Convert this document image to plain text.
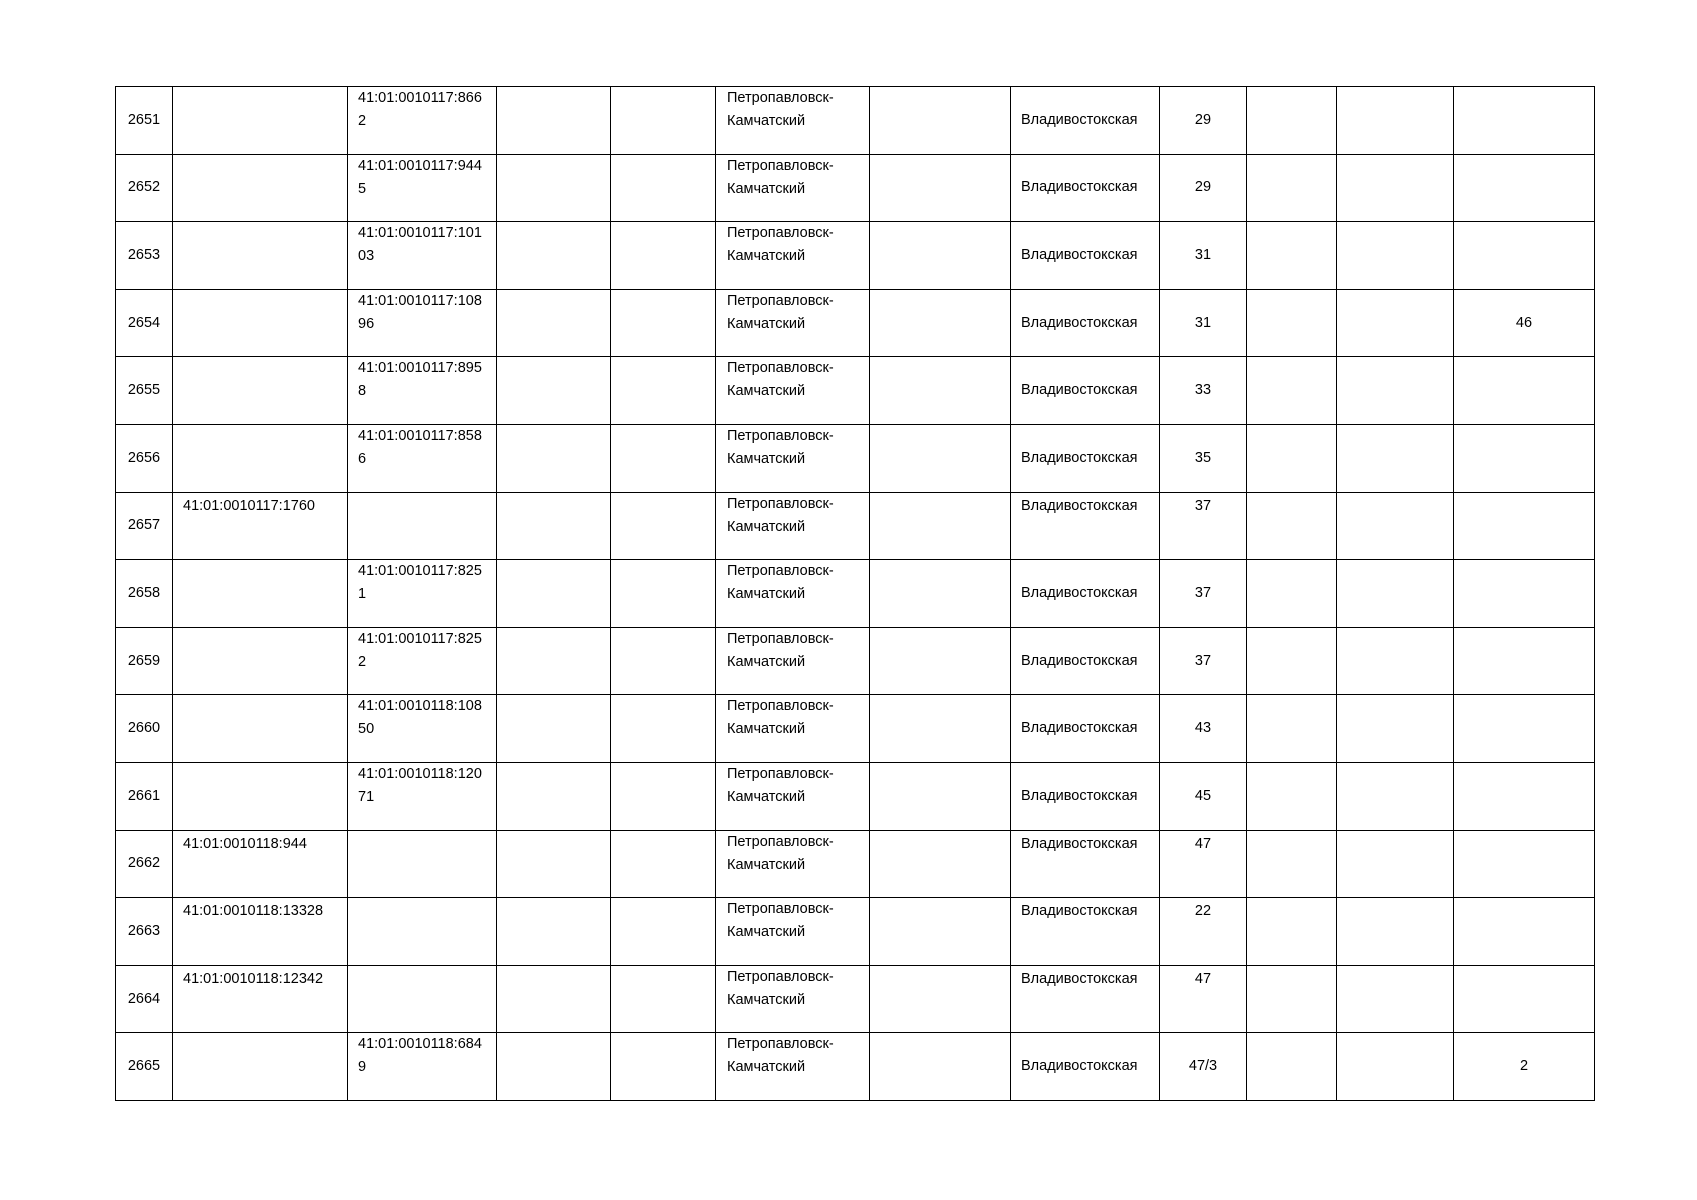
2651		41:01:0010117:8662			Петропавловск-Камчатский		Владивостокская	29			
2652		41:01:0010117:9445			Петропавловск-Камчатский		Владивостокская	29			
2653		41:01:0010117:10103			Петропавловск-Камчатский		Владивостокская	31			
2654		41:01:0010117:10896			Петропавловск-Камчатский		Владивостокская	31			46
2655		41:01:0010117:8958			Петропавловск-Камчатский		Владивостокская	33			
2656		41:01:0010117:8586			Петропавловск-Камчатский		Владивостокская	35			
2657	41:01:0010117:1760				Петропавловск-Камчатский		Владивостокская	37			
2658		41:01:0010117:8251			Петропавловск-Камчатский		Владивостокская	37			
2659		41:01:0010117:8252			Петропавловск-Камчатский		Владивостокская	37			
2660		41:01:0010118:10850			Петропавловск-Камчатский		Владивостокская	43			
2661		41:01:0010118:12071			Петропавловск-Камчатский		Владивостокская	45			
2662	41:01:0010118:944				Петропавловск-Камчатский		Владивостокская	47			
2663	41:01:0010118:13328				Петропавловск-Камчатский		Владивостокская	22			
2664	41:01:0010118:12342				Петропавловск-Камчатский		Владивостокская	47			
2665		41:01:0010118:6849			Петропавловск-Камчатский		Владивостокская	47/3			2
